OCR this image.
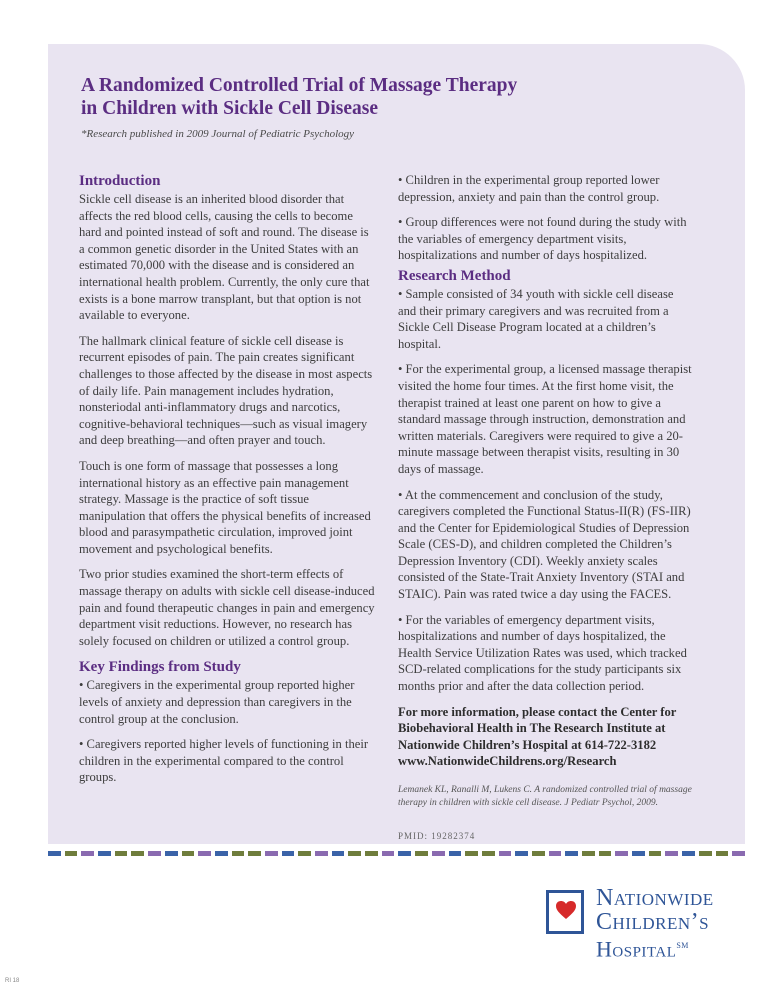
A Randomized Controlled Trial of Massage Therapy
in Children with Sickle Cell Disease
*Research published in 2009 Journal of Pediatric Psychology
Introduction

Sickle cell disease is an inherited blood disorder that affects the red blood cells, causing the cells to become hard and pointed instead of soft and round. The disease is a common genetic disorder in the United States with an estimated 70,000 with the disease and is considered an international health problem. Currently, the only cure that exists is a bone marrow transplant, but that option is not available to everyone.

The hallmark clinical feature of sickle cell disease is recurrent episodes of pain. The pain creates significant challenges to those affected by the disease in most aspects of daily life. Pain management includes hydration, nonsteriodal anti-inflammatory drugs and narcotics, cognitive-behavioral techniques—such as visual imagery and deep breathing—and often prayer and touch.

Touch is one form of massage that possesses a long international history as an effective pain management strategy. Massage is the practice of soft tissue manipulation that offers the physical benefits of increased blood and parasympathetic circulation, improved joint movement and psychological benefits.

Two prior studies examined the short-term effects of massage therapy on adults with sickle cell disease-induced pain and found therapeutic changes in pain and emergency department visit reductions. However, no research has solely focused on children or utilized a control group.

Key Findings from Study

• Caregivers in the experimental group reported higher levels of anxiety and depression than caregivers in the control group at the conclusion.

• Caregivers reported higher levels of functioning in their children in the experimental compared to the control groups.

• Children in the experimental group reported lower depression, anxiety and pain than the control group.

• Group differences were not found during the study with the variables of emergency department visits, hospitalizations and number of days hospitalized.

Research Method

• Sample consisted of 34 youth with sickle cell disease and their primary caregivers and was recruited from a Sickle Cell Disease Program located at a children’s hospital.

• For the experimental group, a licensed massage therapist visited the home four times. At the first home visit, the therapist trained at least one parent on how to give a standard massage through instruction, demonstration and written materials. Caregivers were required to give a 20-minute massage between therapist visits, resulting in 30 days of massage.

• At the commencement and conclusion of the study, caregivers completed the Functional Status-II(R) (FS-IIR) and the Center for Epidemiological Studies of Depression Scale (CES-D), and children completed the Children’s Depression Inventory (CDI). Weekly anxiety scales consisted of the State-Trait Anxiety Inventory (STAI and STAIC). Pain was rated twice a day using the FACES.

• For the variables of emergency department visits, hospitalizations and number of days hospitalized, the Health Service Utilization Rates was used, which tracked SCD-related complications for the study participants six months prior and after the data collection period.

For more information, please contact the Center for Biobehavioral Health in The Research Institute at Nationwide Children’s Hospital at 614-722-3182 www.NationwideChildrens.org/Research

Lemanek KL, Ranalli M, Lukens C. A randomized controlled trial of massage therapy in children with sickle cell disease. J Pediatr Psychol, 2009.

PMID: 19282374
Nationwide
Children’s
Hospital℠
RI 18
